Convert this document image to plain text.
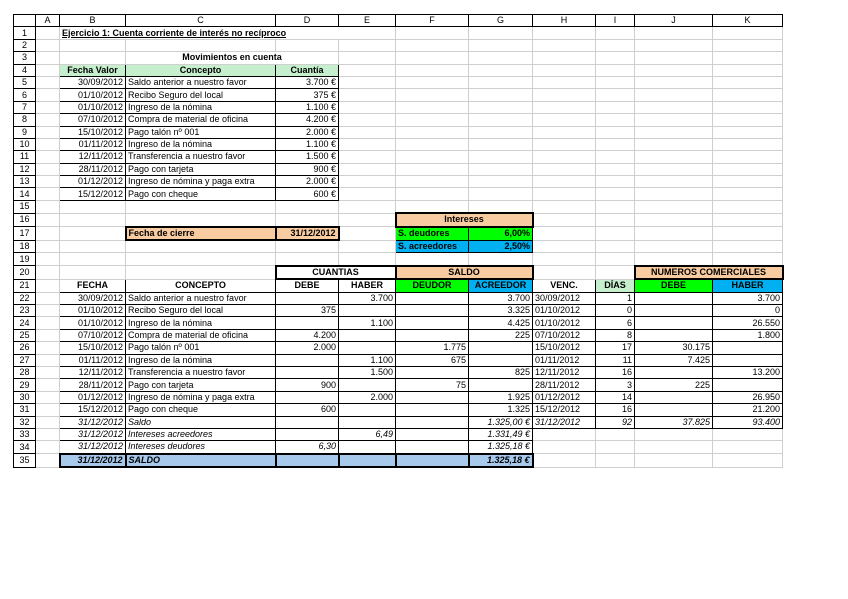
	A	B	C	D	E	F	G	H	I	J	K
1		Ejercicio 1: Cuenta corriente de interés no recíproco									
2											
3			Movimientos en cuenta								
4		Fecha Valor	Concepto	Cuantía							
5		30/09/2012	Saldo anterior a nuestro favor	3.700 €							
6		01/10/2012	Recibo Seguro del local	375 €							
7		01/10/2012	Ingreso de la nómina	1.100 €							
8		07/10/2012	Compra de material de oficina	4.200 €							
9		15/10/2012	Pago talón nº 001	2.000 €							
10		01/11/2012	Ingreso de la nómina	1.100 €							
11		12/11/2012	Transferencia a nuestro favor	1.500 €							
12		28/11/2012	Pago con tarjeta	900 €							
13		01/12/2012	Ingreso de nómina y paga extra	2.000 €							
14		15/12/2012	Pago con cheque	600 €							
15											
16						Intereses					
17			Fecha de cierre	31/12/2012		S. deudores	6,00%				
18						S. acreedores	2,50%				
19											
20				CUANTIAS		SALDO				NUMEROS COMERCIALES	
21		FECHA	CONCEPTO	DEBE	HABER	DEUDOR	ACREEDOR	VENC.	DÍAS	DEBE	HABER
22		30/09/2012	Saldo anterior a nuestro favor		3.700		3.700	30/09/2012	1		3.700
23		01/10/2012	Recibo Seguro del local	375			3.325	01/10/2012	0		0
24		01/10/2012	Ingreso de la nómina		1.100		4.425	01/10/2012	6		26.550
25		07/10/2012	Compra de material de oficina	4.200			225	07/10/2012	8		1.800
26		15/10/2012	Pago talón nº 001	2.000		1.775		15/10/2012	17	30.175	
27		01/11/2012	Ingreso de la nómina		1.100	675		01/11/2012	11	7.425	
28		12/11/2012	Transferencia a nuestro favor		1.500		825	12/11/2012	16		13.200
29		28/11/2012	Pago con tarjeta	900		75		28/11/2012	3	225	
30		01/12/2012	Ingreso de nómina y paga extra		2.000		1.925	01/12/2012	14		26.950
31		15/12/2012	Pago con cheque	600			1.325	15/12/2012	16		21.200
32		31/12/2012	Saldo				1.325,00 €	31/12/2012	92	37.825	93.400
33		31/12/2012	Intereses acreedores		6,49		1.331,49 €				
34		31/12/2012	Intereses deudores	6,30			1.325,18 €				
35		31/12/2012	SALDO				1.325,18 €				
